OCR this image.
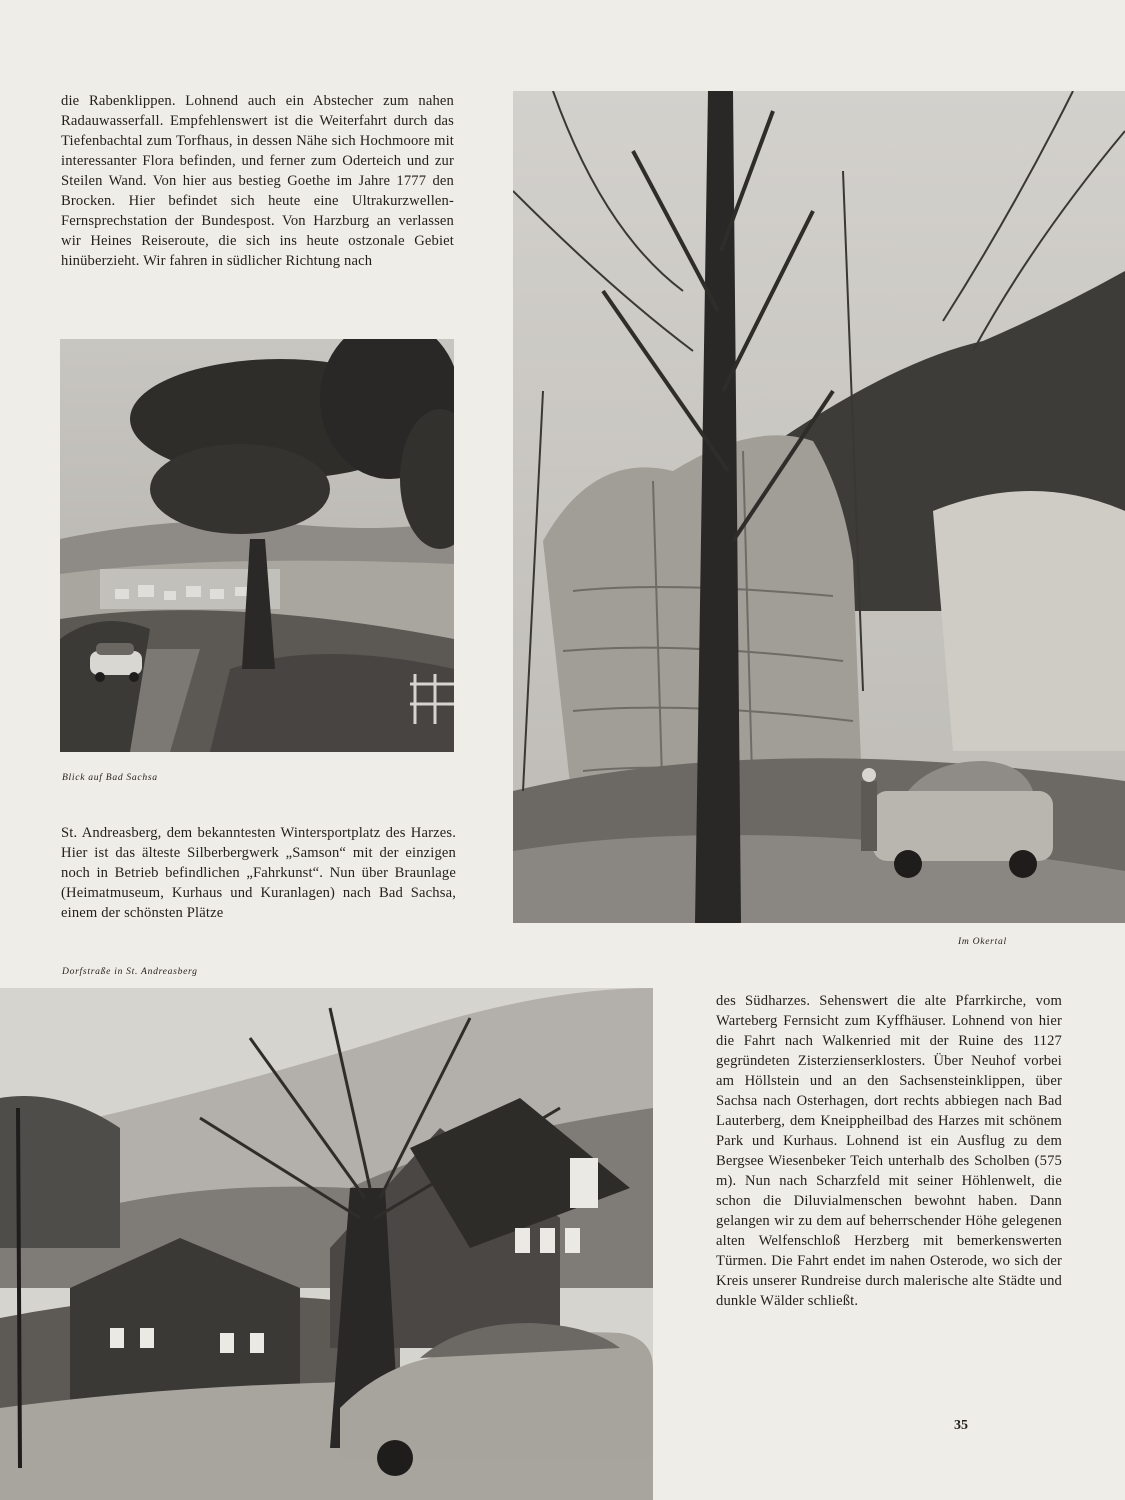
die Rabenklippen. Lohnend auch ein Abstecher zum nahen Radauwasserfall. Empfehlenswert ist die Weiterfahrt durch das Tiefenbachtal zum Torfhaus, in dessen Nähe sich Hochmoore mit interessanter Flora befinden, und ferner zum Oderteich und zur Steilen Wand. Von hier aus bestieg Goethe im Jahre 1777 den Brocken. Hier befindet sich heute eine Ultrakurzwellen-Fernsprechstation der Bundespost. Von Harzburg an verlassen wir Heines Reiseroute, die sich ins heute ostzonale Gebiet hinüberzieht. Wir fahren in südlicher Richtung nach

Blick auf Bad Sachsa

St. Andreasberg, dem bekanntesten Wintersportplatz des Harzes. Hier ist das älteste Silberbergwerk „Samson“ mit der einzigen noch in Betrieb befindlichen „Fahrkunst“. Nun über Braunlage (Heimatmuseum, Kurhaus und Kuranlagen) nach Bad Sachsa, einem der schönsten Plätze

Im Okertal
Dorfstraße in St. Andreasberg

des Südharzes. Sehenswert die alte Pfarrkirche, vom Warteberg Fernsicht zum Kyffhäuser. Lohnend von hier die Fahrt nach Walkenried mit der Ruine des 1127 gegründeten Zisterzienserklosters. Über Neuhof vorbei am Höllstein und an den Sachsensteinklippen, über Sachsa nach Osterhagen, dort rechts abbiegen nach Bad Lauterberg, dem Kneippheilbad des Harzes mit schönem Park und Kurhaus. Lohnend ist ein Ausflug zu dem Bergsee Wiesenbeker Teich unterhalb des Scholben (575 m). Nun nach Scharzfeld mit seiner Höhlenwelt, die schon die Diluvialmenschen bewohnt haben. Dann gelangen wir zu dem auf beherrschender Höhe gelegenen alten Welfenschloß Herzberg mit bemerkenswerten Türmen. Die Fahrt endet im nahen Osterode, wo sich der Kreis unserer Rundreise durch malerische alte Städte und dunkle Wälder schließt.

35
